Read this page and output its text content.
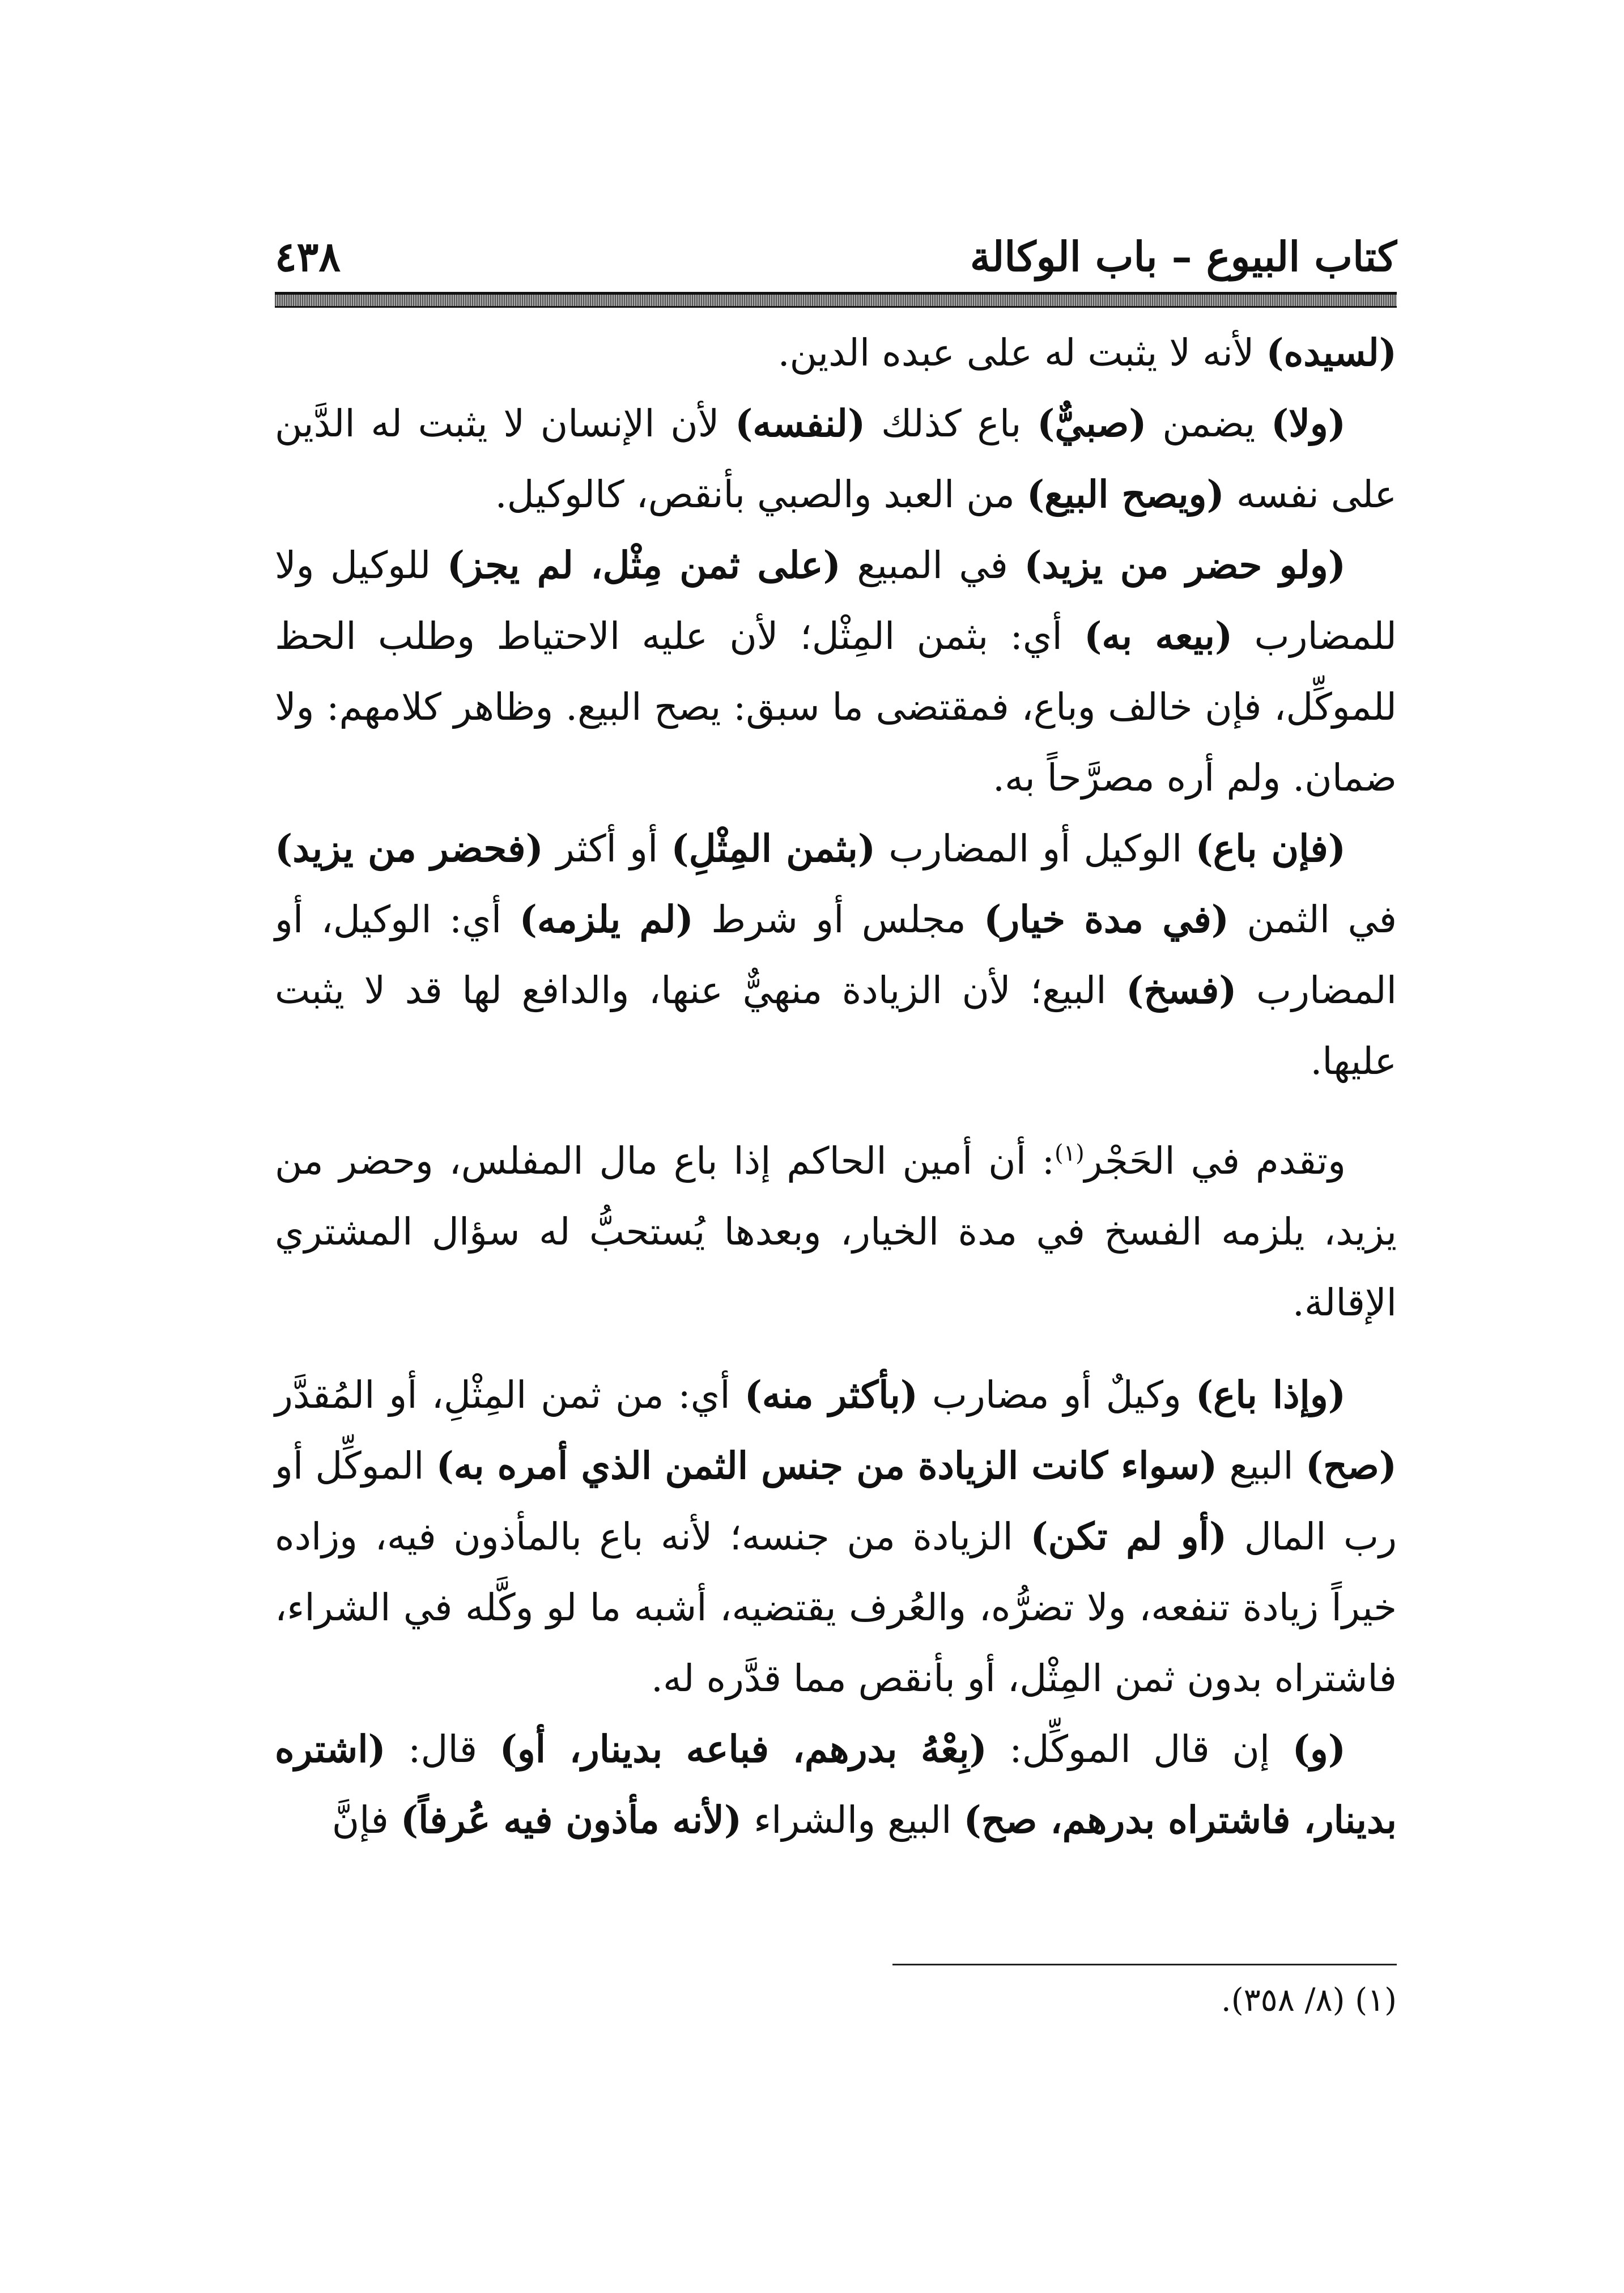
٤٣٨	كتاب البيوع – باب الوكالة

(لسيده) لأنه لا يثبت له على عبده الدين.

(ولا) يضمن (صبيٌّ) باع كذلك (لنفسه) لأن الإنسان لا يثبت له الدَّين على نفسه (ويصح البيع) من العبد والصبي بأنقص، كالوكيل.

(ولو حضر من يزيد) في المبيع (على ثمن مِثْل، لم يجز) للوكيل ولا للمضارب (بيعه به) أي: بثمن المِثْل؛ لأن عليه الاحتياط وطلب الحظ للموكِّل، فإن خالف وباع، فمقتضى ما سبق: يصح البيع. وظاهر كلامهم: ولا ضمان. ولم أره مصرَّحاً به.

(فإن باع) الوكيل أو المضارب (بثمن المِثْلِ) أو أكثر (فحضر من يزيد) في الثمن (في مدة خيار) مجلس أو شرط (لم يلزمه) أي: الوكيل، أو المضارب (فسخ) البيع؛ لأن الزيادة منهيٌّ عنها، والدافع لها قد لا يثبت عليها.

وتقدم في الحَجْر$^{(١)}$: أن أمين الحاكم إذا باع مال المفلس، وحضر من يزيد، يلزمه الفسخ في مدة الخيار، وبعدها يُستحبُّ له سؤال المشتري الإقالة.

(وإذا باع) وكيلٌ أو مضارب (بأكثر منه) أي: من ثمن المِثْلِ، أو المُقدَّر (صح) البيع (سواء كانت الزيادة من جنس الثمن الذي أمره به) الموكِّل أو رب المال (أو لم تكن) الزيادة من جنسه؛ لأنه باع بالمأذون فيه، وزاده خيراً زيادة تنفعه، ولا تضرُّه، والعُرف يقتضيه، أشبه ما لو وكَّله في الشراء، فاشتراه بدون ثمن المِثْل، أو بأنقص مما قدَّره له.

(و) إن قال الموكِّل: (بِعْهُ بدرهم، فباعه بدينار، أو) قال: (اشتره بدينار، فاشتراه بدرهم، صح) البيع والشراء (لأنه مأذون فيه عُرفاً) فإنَّ

(١) (٨/ ٣٥٨).
